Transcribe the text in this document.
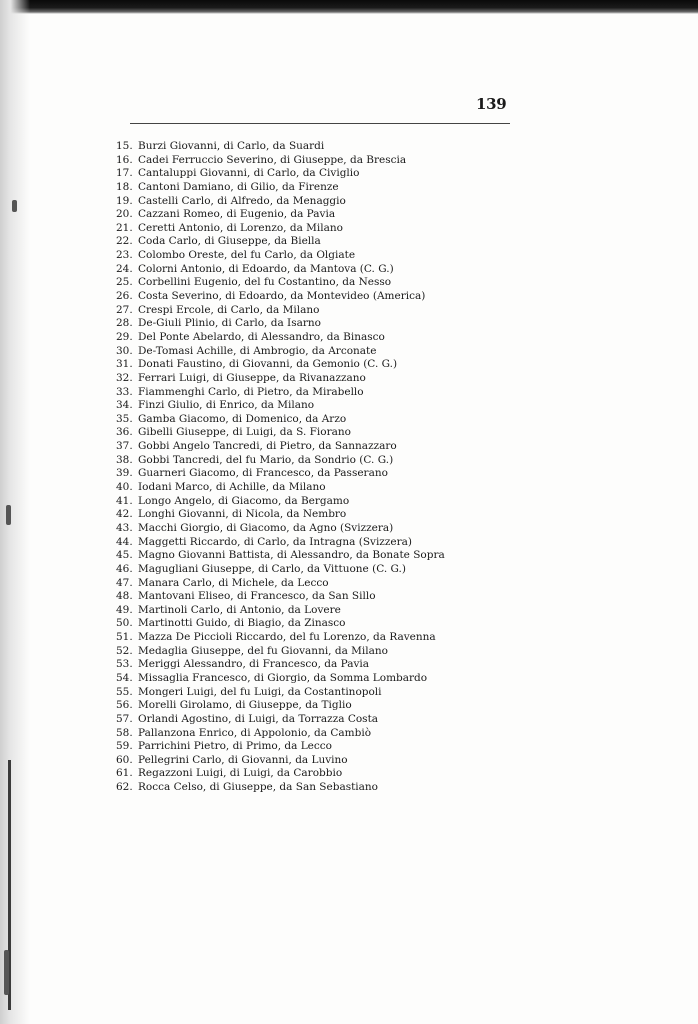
139
15. Burzi Giovanni, di Carlo, da Suardi
16. Cadei Ferruccio Severino, di Giuseppe, da Brescia
17. Cantaluppi Giovanni, di Carlo, da Civiglio
18. Cantoni Damiano, di Gilio, da Firenze
19. Castelli Carlo, di Alfredo, da Menaggio
20. Cazzani Romeo, di Eugenio, da Pavia
21. Ceretti Antonio, di Lorenzo, da Milano
22. Coda Carlo, di Giuseppe, da Biella
23. Colombo Oreste, del fu Carlo, da Olgiate
24. Colorni Antonio, di Edoardo, da Mantova (C. G.)
25. Corbellini Eugenio, del fu Costantino, da Nesso
26. Costa Severino, di Edoardo, da Montevideo (America)
27. Crespi Ercole, di Carlo, da Milano
28. De-Giuli Plinio, di Carlo, da Isarno
29. Del Ponte Abelardo, di Alessandro, da Binasco
30. De-Tomasi Achille, di Ambrogio, da Arconate
31. Donati Faustino, di Giovanni, da Gemonio (C. G.)
32. Ferrari Luigi, di Giuseppe, da Rivanazzano
33. Fiammenghi Carlo, di Pietro, da Mirabello
34. Finzi Giulio, di Enrico, da Milano
35. Gamba Giacomo, di Domenico, da Arzo
36. Gibelli Giuseppe, di Luigi, da S. Fiorano
37. Gobbi Angelo Tancredi, di Pietro, da Sannazzaro
38. Gobbi Tancredi, del fu Mario, da Sondrio (C. G.)
39. Guarneri Giacomo, di Francesco, da Passerano
40. Iodani Marco, di Achille, da Milano
41. Longo Angelo, di Giacomo, da Bergamo
42. Longhi Giovanni, di Nicola, da Nembro
43. Macchi Giorgio, di Giacomo, da Agno (Svizzera)
44. Maggetti Riccardo, di Carlo, da Intragna (Svizzera)
45. Magno Giovanni Battista, di Alessandro, da Bonate Sopra
46. Magugliani Giuseppe, di Carlo, da Vittuone (C. G.)
47. Manara Carlo, di Michele, da Lecco
48. Mantovani Eliseo, di Francesco, da San Sillo
49. Martinoli Carlo, di Antonio, da Lovere
50. Martinotti Guido, di Biagio, da Zinasco
51. Mazza De Piccioli Riccardo, del fu Lorenzo, da Ravenna
52. Medaglia Giuseppe, del fu Giovanni, da Milano
53. Meriggi Alessandro, di Francesco, da Pavia
54. Missaglia Francesco, di Giorgio, da Somma Lombardo
55. Mongeri Luigi, del fu Luigi, da Costantinopoli
56. Morelli Girolamo, di Giuseppe, da Tiglio
57. Orlandi Agostino, di Luigi, da Torrazza Costa
58. Pallanzona Enrico, di Appolonio, da Cambiò
59. Parrichini Pietro, di Primo, da Lecco
60. Pellegrini Carlo, di Giovanni, da Luvino
61. Regazzoni Luigi, di Luigi, da Carobbio
62. Rocca Celso, di Giuseppe, da San Sebastiano
